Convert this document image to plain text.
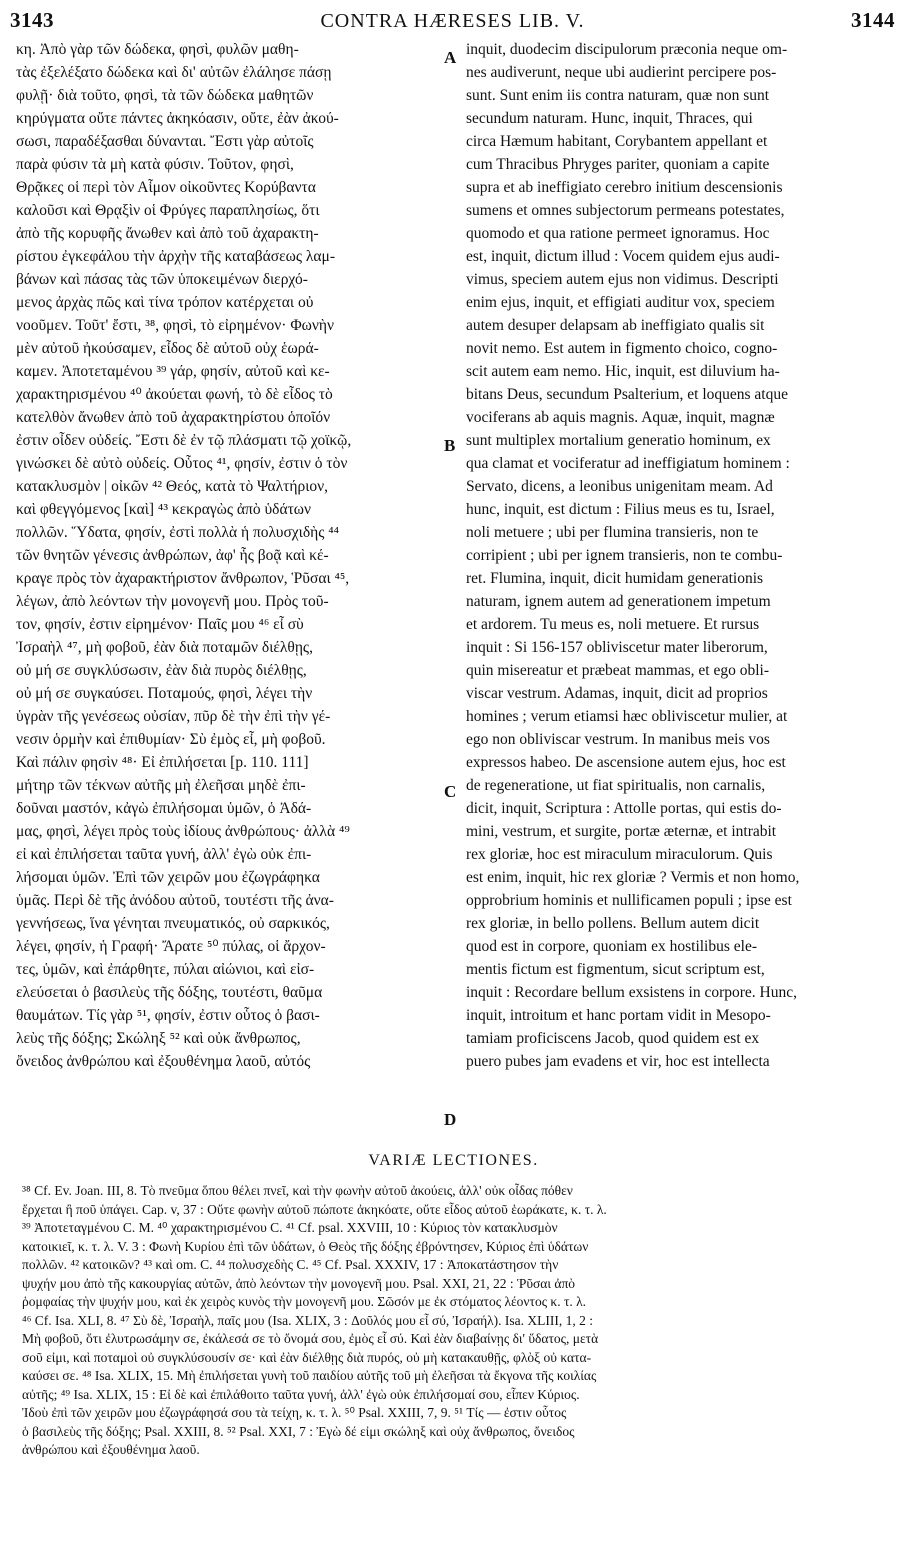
3143	CONTRA HÆRESES LIB. V.	3144
κη. Ἀπὸ γὰρ τῶν δώδεκα, φησὶ, φυλῶν μαθη-
τὰς ἐξελέξατο δώδεκα καὶ δι' αὐτῶν ἐλάλησε πάσῃ
φυλῇ· διὰ τοῦτο, φησὶ, τὰ τῶν δώδεκα μαθητῶν
κηρύγματα οὔτε πάντες ἀκηκόασιν, οὔτε, ἐὰν ἀκού-
σωσι, παραδέξασθαι δύνανται. Ἔστι γὰρ αὐτοῖς
παρὰ φύσιν τὰ μὴ κατὰ φύσιν. Τοῦτον, φησὶ,
Θρᾷκες οἱ περὶ τὸν Αἷμον οἰκοῦντες Κορύβαντα
καλοῦσι καὶ Θρᾳξὶν οἱ Φρύγες παραπλησίως, ὅτι
ἀπὸ τῆς κορυφῆς ἄνωθεν καὶ ἀπὸ τοῦ ἀχαρακτη-
ρίστου ἐγκεφάλου τὴν ἀρχὴν τῆς καταβάσεως λαμ-
βάνων καὶ πάσας τὰς τῶν ὑποκειμένων διερχό-
μενος ἀρχὰς πῶς καὶ τίνα τρόπον κατέρχεται οὐ
νοοῦμεν. Τοῦτ' ἔστι, ³⁸, φησὶ, τὸ εἰρημένον· Φωνὴν
μὲν αὐτοῦ ἠκούσαμεν, εἶδος δὲ αὐτοῦ οὐχ ἑωρά-
καμεν. Ἀποτεταμένου ³⁹ γάρ, φησίν, αὐτοῦ καὶ κε-
χαρακτηρισμένου ⁴⁰ ἀκούεται φωνή, τὸ δὲ εἶδος τὸ
κατελθὸν ἄνωθεν ἀπὸ τοῦ ἀχαρακτηρίστου ὁποῖόν
ἐστιν οἶδεν οὐδείς. Ἔστι δὲ ἐν τῷ πλάσματι τῷ χοϊκῷ,
γινώσκει δὲ αὐτὸ οὐδείς. Οὗτος ⁴¹, φησίν, ἐστιν ὁ τὸν
κατακλυσμὸν | οἰκῶν ⁴² Θεός, κατὰ τὸ Ψαλτήριον,
καὶ φθεγγόμενος [καὶ] ⁴³ κεκραγὼς ἀπὸ ὑδάτων
πολλῶν. Ὕδατα, φησίν, ἐστὶ πολλὰ ἡ πολυσχιδὴς ⁴⁴
τῶν θνητῶν γένεσις ἀνθρώπων, ἀφ' ἧς βοᾷ καὶ κέ-
κραγε πρὸς τὸν ἀχαρακτήριστον ἄνθρωπον, Ῥῦσαι ⁴⁵,
λέγων, ἀπὸ λεόντων τὴν μονογενῆ μου. Πρὸς τοῦ-
τον, φησίν, ἐστιν εἰρημένον· Παῖς μου ⁴⁶ εἶ σὺ
Ἰσραὴλ ⁴⁷, μὴ φοβοῦ, ἐὰν διὰ ποταμῶν διέλθῃς,
οὐ μή σε συγκλύσωσιν, ἐὰν διὰ πυρὸς διέλθῃς,
οὐ μή σε συγκαύσει. Ποταμούς, φησὶ, λέγει τὴν
ὑγρὰν τῆς γενέσεως οὐσίαν, πῦρ δὲ τὴν ἐπὶ τὴν γέ-
νεσιν ὁρμὴν καὶ ἐπιθυμίαν· Σὺ ἐμὸς εἶ, μὴ φοβοῦ.
Καὶ πάλιν φησὶν ⁴⁸· Εἰ ἐπιλήσεται [p. 110. 111]
μήτηρ τῶν τέκνων αὐτῆς μὴ ἐλεῆσαι μηδὲ ἐπι-
δοῦναι μαστόν, κἀγὼ ἐπιλήσομαι ὑμῶν, ὁ Ἀδά-
μας, φησὶ, λέγει πρὸς τοὺς ἰδίους ἀνθρώπους· ἀλλὰ ⁴⁹
εἰ καὶ ἐπιλήσεται ταῦτα γυνή, ἀλλ' ἐγὼ οὐκ ἐπι-
λήσομαι ὑμῶν. Ἐπὶ τῶν χειρῶν μου ἐζωγράφηκα
ὑμᾶς. Περὶ δὲ τῆς ἀνόδου αὐτοῦ, τουτέστι τῆς ἀνα-
γεννήσεως, ἵνα γένηται πνευματικός, οὐ σαρκικός,
λέγει, φησίν, ἡ Γραφή· Ἄρατε ⁵⁰ πύλας, οἱ ἄρχον-
τες, ὑμῶν, καὶ ἐπάρθητε, πύλαι αἰώνιοι, καὶ εἰσ-
ελεύσεται ὁ βασιλεὺς τῆς δόξης, τουτέστι, θαῦμα
θαυμάτων. Τίς γὰρ ⁵¹, φησίν, ἐστιν οὗτος ὁ βασι-
λεὺς τῆς δόξης; Σκώληξ ⁵² καὶ οὐκ ἄνθρωπος,
ὄνειδος ἀνθρώπου καὶ ἐξουθένημα λαοῦ, αὐτός
A
B
C
D
inquit, duodecim discipulorum præconia neque om-
nes audiverunt, neque ubi audierint percipere pos-
sunt. Sunt enim iis contra naturam, quæ non sunt
secundum naturam. Hunc, inquit, Thraces, qui
circa Hæmum habitant, Corybantem appellant et
cum Thracibus Phryges pariter, quoniam a capite
supra et ab ineffigiato cerebro initium descensionis
sumens et omnes subjectorum permeans potestates,
quomodo et qua ratione permeet ignoramus. Hoc
est, inquit, dictum illud : Vocem quidem ejus audi-
vimus, speciem autem ejus non vidimus. Descripti
enim ejus, inquit, et effigiati auditur vox, speciem
autem desuper delapsam ab ineffigiato qualis sit
novit nemo. Est autem in figmento choico, cogno-
scit autem eam nemo. Hic, inquit, est diluvium ha-
bitans Deus, secundum Psalterium, et loquens atque
vociferans ab aquis magnis. Aquæ, inquit, magnæ
sunt multiplex mortalium generatio hominum, ex
qua clamat et vociferatur ad ineffigiatum hominem :
Servato, dicens, a leonibus unigenitam meam. Ad
hunc, inquit, est dictum : Filius meus es tu, Israel,
noli metuere ; ubi per flumina transieris, non te
corripient ; ubi per ignem transieris, non te combu-
ret. Flumina, inquit, dicit humidam generationis
naturam, ignem autem ad generationem impetum
et ardorem. Tu meus es, noli metuere. Et rursus
inquit : Si 156-157 obliviscetur mater liberorum,
quin misereatur et præbeat mammas, et ego obli-
viscar vestrum. Adamas, inquit, dicit ad proprios
homines ; verum etiamsi hæc obliviscetur mulier, at
ego non obliviscar vestrum. In manibus meis vos
expressos habeo. De ascensione autem ejus, hoc est
de regeneratione, ut fiat spiritualis, non carnalis,
dicit, inquit, Scriptura : Attolle portas, qui estis do-
mini, vestrum, et surgite, portæ æternæ, et intrabit
rex gloriæ, hoc est miraculum miraculorum. Quis
est enim, inquit, hic rex gloriæ ? Vermis et non homo,
opprobrium hominis et nullificamen populi ; ipse est
rex gloriæ, in bello pollens. Bellum autem dicit
quod est in corpore, quoniam ex hostilibus ele-
mentis fictum est figmentum, sicut scriptum est,
inquit : Recordare bellum exsistens in corpore. Hunc,
inquit, introitum et hanc portam vidit in Mesopo-
tamiam proficiscens Jacob, quod quidem est ex
puero pubes jam evadens et vir, hoc est intellecta
VARIÆ LECTIONES.
³⁸ Cf. Ev. Joan. III, 8. Τὸ πνεῦμα ὅπου θέλει πνεῖ, καὶ τὴν φωνὴν αὐτοῦ ἀκούεις, ἀλλ' οὐκ οἶδας πόθεν
ἔρχεται ἢ ποῦ ὑπάγει. Cap. v, 37 : Οὔτε φωνὴν αὐτοῦ πώποτε ἀκηκόατε, οὔτε εἶδος αὐτοῦ ἑωράκατε, κ. τ. λ.
³⁹ Ἀποτεταγμένου C. M. ⁴⁰ χαρακτηρισμένου C. ⁴¹ Cf. psal. XXVIII, 10 : Κύριος τὸν κατακλυσμὸν
κατοικιεῖ, κ. τ. λ. V. 3 : Φωνὴ Κυρίου ἐπὶ τῶν ὑδάτων, ὁ Θεὸς τῆς δόξης ἐβρόντησεν, Κύριος ἐπὶ ὑδάτων
πολλῶν. ⁴² κατοικῶν? ⁴³ καὶ om. C. ⁴⁴ πολυσχεδὴς C. ⁴⁵ Cf. Psal. XXXIV, 17 : Ἀποκατάστησον τὴν
ψυχήν μου ἀπὸ τῆς κακουργίας αὐτῶν, ἀπὸ λεόντων τὴν μονογενῆ μου. Psal. XXI, 21, 22 : Ῥῦσαι ἀπὸ
ῥομφαίας τὴν ψυχήν μου, καὶ ἐκ χειρὸς κυνὸς τὴν μονογενῆ μου. Σῶσόν με ἐκ στόματος λέοντος κ. τ. λ.
⁴⁶ Cf. Isa. XLI, 8. ⁴⁷ Σὺ δὲ, Ἰσραὴλ, παῖς μου (Isa. XLIX, 3 : Δοῦλός μου εἶ σύ, Ἰσραήλ). Isa. XLIII, 1, 2 :
Μὴ φοβοῦ, ὅτι ἐλυτρωσάμην σε, ἐκάλεσά σε τὸ ὄνομά σου, ἐμὸς εἶ σύ. Καὶ ἐὰν διαβαίνῃς δι' ὕδατος, μετὰ
σοῦ εἰμι, καὶ ποταμοὶ οὐ συγκλύσουσίν σε· καὶ ἐὰν διέλθῃς διὰ πυρός, οὐ μὴ κατακαυθῇς, φλὸξ οὐ κατα-
καύσει σε. ⁴⁸ Isa. XLIX, 15. Μὴ ἐπιλήσεται γυνὴ τοῦ παιδίου αὐτῆς τοῦ μὴ ἐλεῆσαι τὰ ἔκγονα τῆς κοιλίας
αὐτῆς; ⁴⁹ Isa. XLIX, 15 : Εἰ δὲ καὶ ἐπιλάθοιτο ταῦτα γυνή, ἀλλ' ἐγὼ οὐκ ἐπιλήσομαί σου, εἶπεν Κύριος.
Ἰδοὺ ἐπὶ τῶν χειρῶν μου ἐζωγράφησά σου τὰ τείχη, κ. τ. λ. ⁵⁰ Psal. XXIII, 7, 9. ⁵¹ Τίς — ἐστιν οὗτος
ὁ βασιλεὺς τῆς δόξης; Psal. XXIII, 8. ⁵² Psal. XXI, 7 : Ἐγὼ δέ εἰμι σκώληξ καὶ οὐχ ἄνθρωπος, ὄνειδος
ἀνθρώπου καὶ ἐξουθένημα λαοῦ.
